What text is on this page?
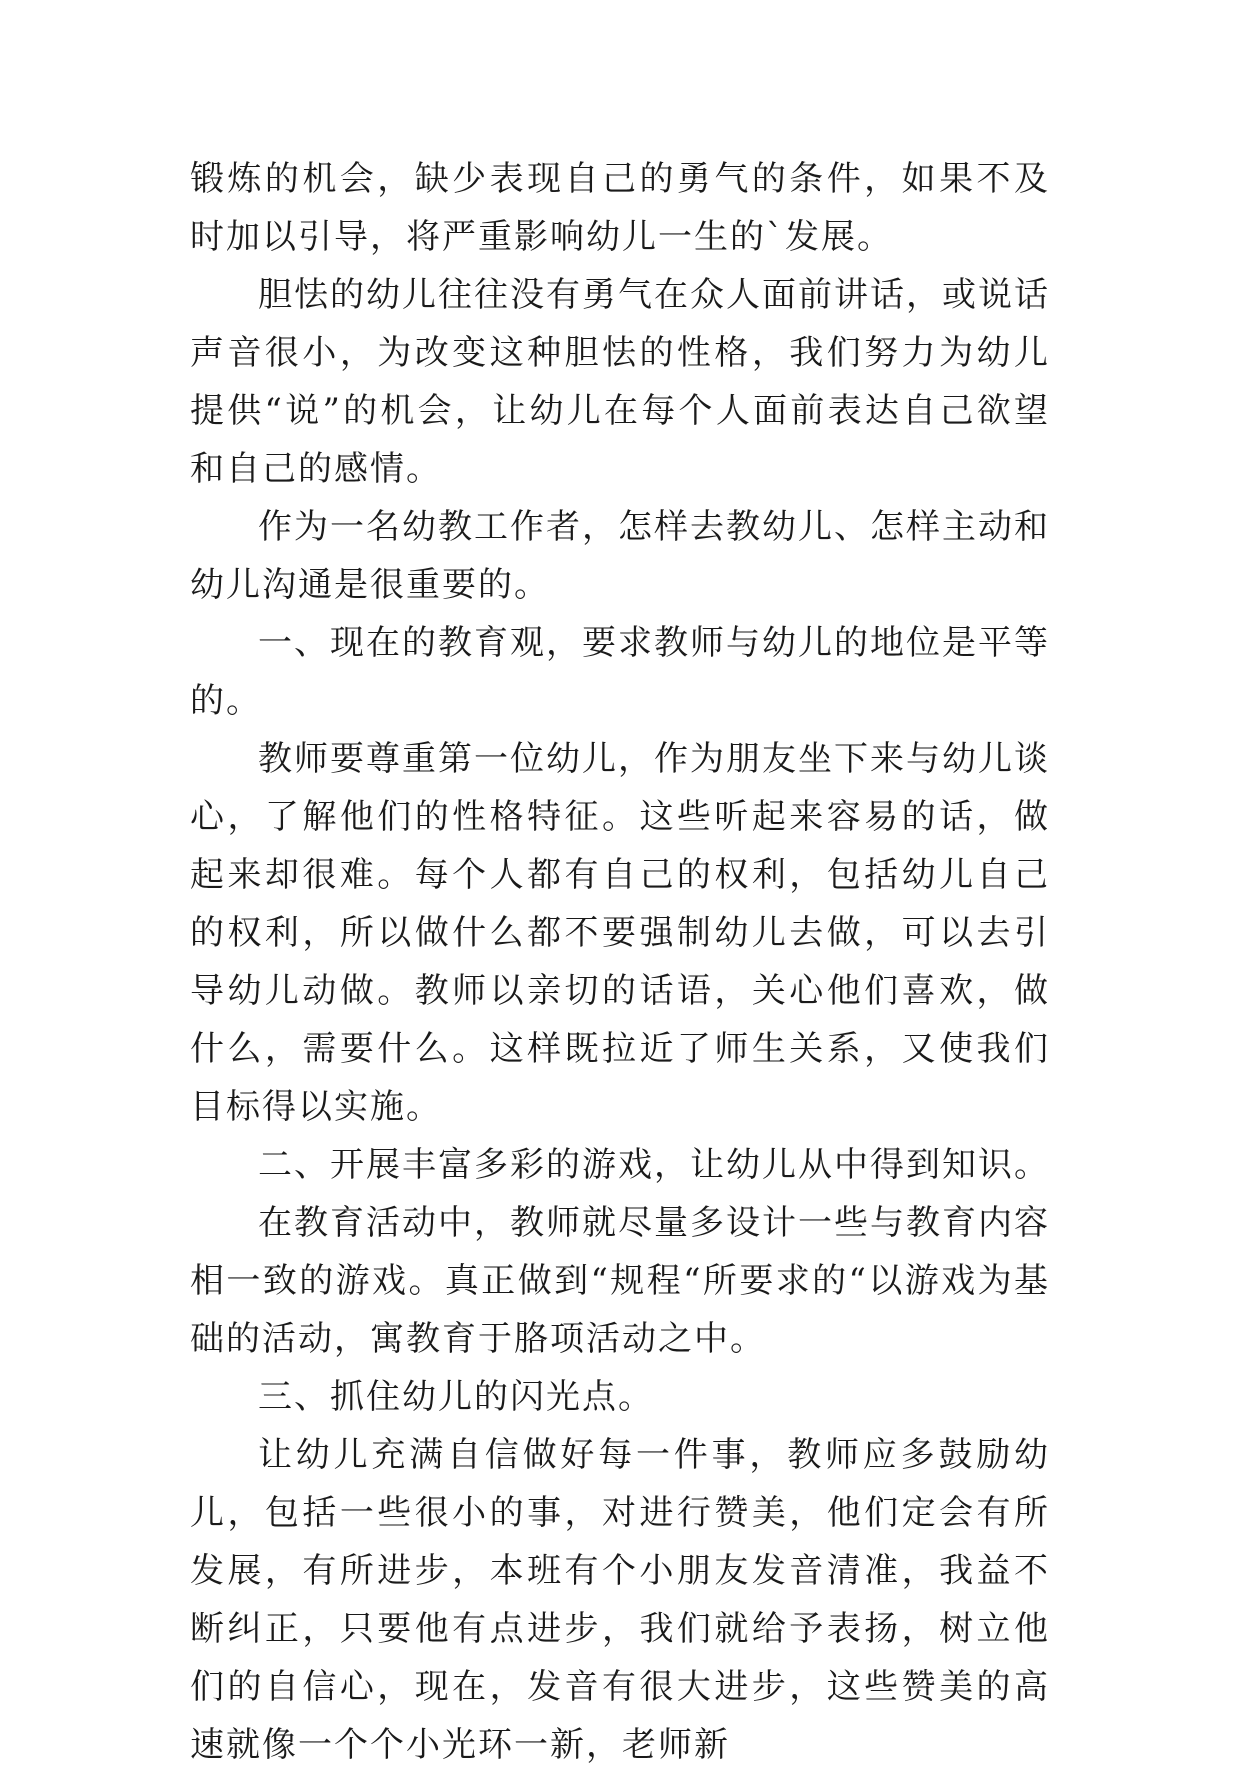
锻炼的机会，缺少表现自己的勇气的条件，如果不及时加以引导，将严重影响幼儿一生的`发展。

胆怯的幼儿往往没有勇气在众人面前讲话，或说话声音很小，为改变这种胆怯的性格，我们努力为幼儿提供“说”的机会，让幼儿在每个人面前表达自己欲望和自己的感情。

作为一名幼教工作者，怎样去教幼儿、怎样主动和幼儿沟通是很重要的。

一、现在的教育观，要求教师与幼儿的地位是平等的。

教师要尊重第一位幼儿，作为朋友坐下来与幼儿谈心，了解他们的性格特征。这些听起来容易的话，做起来却很难。每个人都有自己的权利，包括幼儿自己的权利，所以做什么都不要强制幼儿去做，可以去引导幼儿动做。教师以亲切的话语，关心他们喜欢，做什么，需要什么。这样既拉近了师生关系，又使我们目标得以实施。

二、开展丰富多彩的游戏，让幼儿从中得到知识。

在教育活动中，教师就尽量多设计一些与教育内容相一致的游戏。真正做到“规程“所要求的“以游戏为基础的活动，寓教育于胳项活动之中。

三、抓住幼儿的闪光点。

让幼儿充满自信做好每一件事，教师应多鼓励幼儿，包括一些很小的事，对进行赞美，他们定会有所发展，有所进步，本班有个小朋友发音清准，我益不断纠正，只要他有点进步，我们就给予表扬，树立他们的自信心，现在，发音有很大进步，这些赞美的高速就像一个个小光环一新，老师新
